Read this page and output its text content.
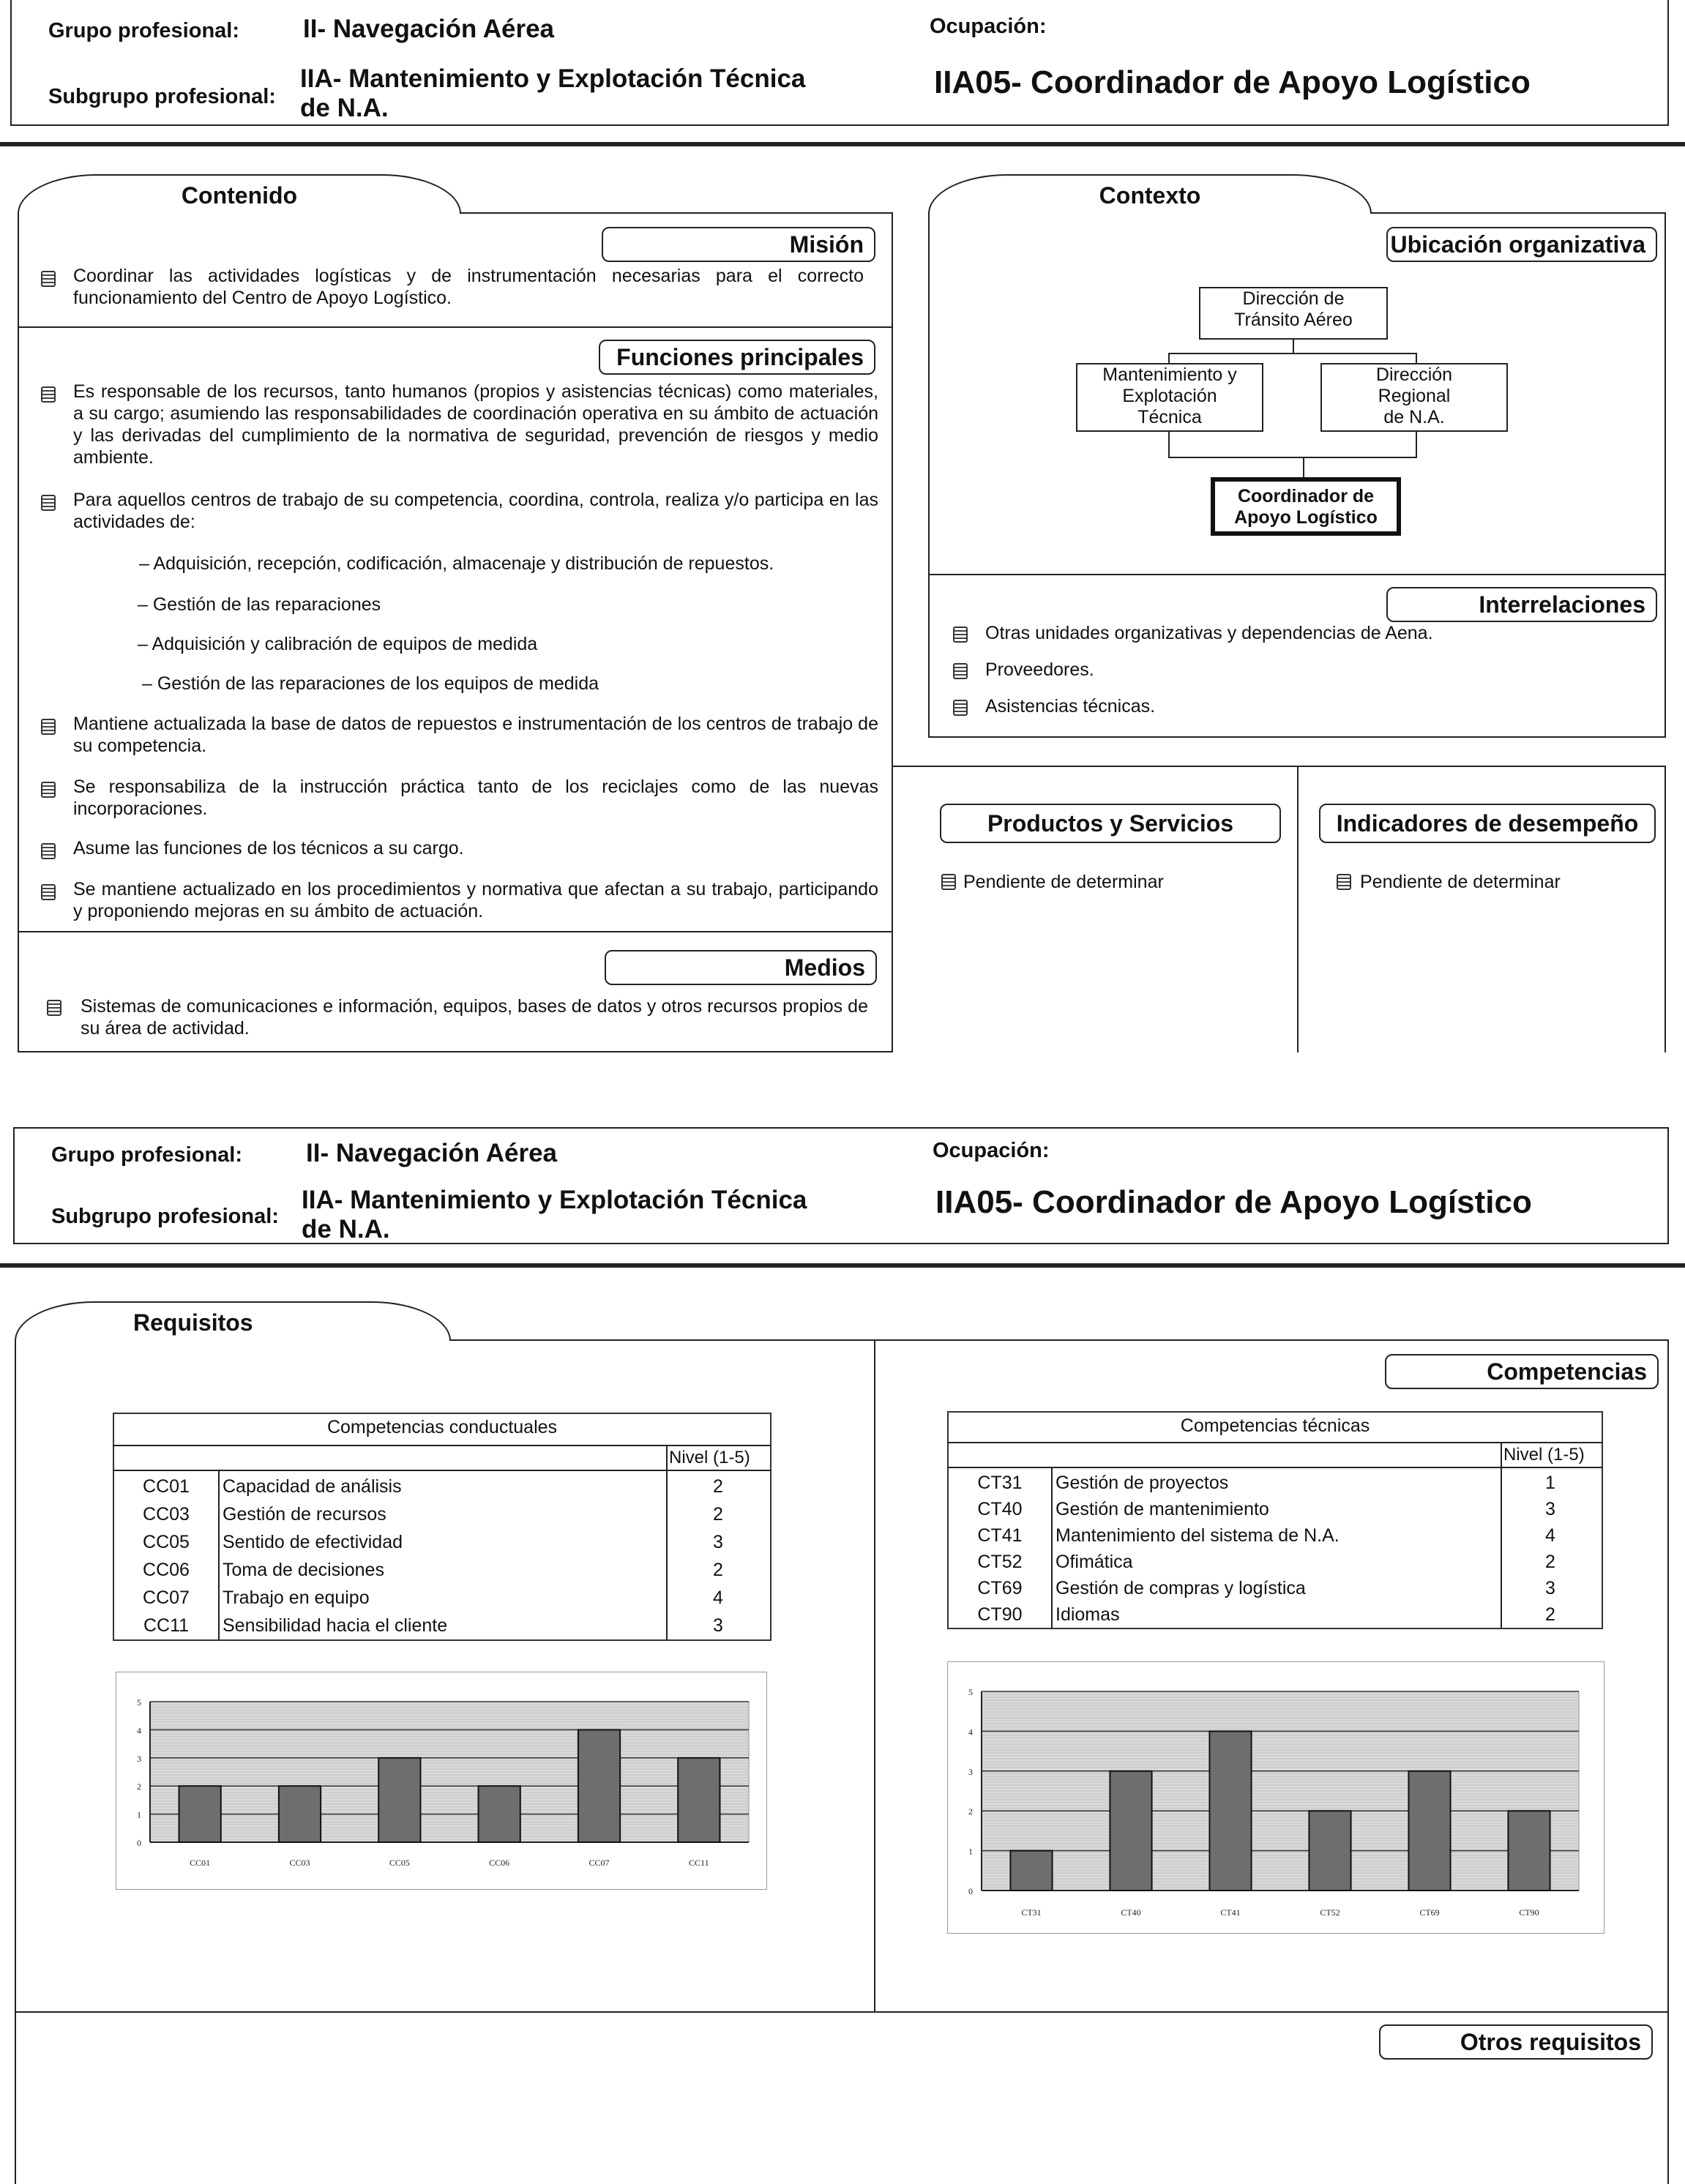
Grupo profesional: II- Navegación Aérea
Subgrupo profesional:
IIA- Mantenimiento y Explotación Técnica
de N.A.
Ocupación:
IIA05- Coordinador de Apoyo Logístico
Contenido
Misión
Coordinar las actividades logísticas y de instrumentación necesarias para el correcto funcionamiento del Centro de Apoyo Logístico.
Funciones principales
Es responsable de los recursos, tanto humanos (propios y asistencias técnicas) como materiales, a su cargo; asumiendo las responsabilidades de coordinación operativa en su ámbito de actuación y las derivadas del cumplimiento de la normativa de seguridad, prevención de riesgos y medio ambiente.
Para aquellos centros de trabajo de su competencia, coordina, controla, realiza y/o participa en las actividades de:
– Adquisición, recepción, codificación, almacenaje y distribución de repuestos.
– Gestión de las reparaciones
– Adquisición y calibración de equipos de medida
– Gestión de las reparaciones de los equipos de medida
Mantiene actualizada la base de datos de repuestos e instrumentación de los centros de trabajo de su competencia.
Se responsabiliza de la instrucción práctica tanto de los reciclajes como de las nuevas incorporaciones.
Asume las funciones de los técnicos a su cargo.
Se mantiene actualizado en los procedimientos y normativa que afectan a su trabajo, participando y proponiendo mejoras en su ámbito de actuación.
Medios
Sistemas de comunicaciones e información, equipos, bases de datos y otros recursos propios de su área de actividad.
Contexto
Ubicación organizativa
Dirección de
Tránsito Aéreo
Mantenimiento y
Explotación
Técnica
Dirección
Regional
de N.A.
Coordinador de
Apoyo Logístico
Interrelaciones
Otras unidades organizativas y dependencias de Aena.
Proveedores.
Asistencias técnicas.
Productos y Servicios
Pendiente de determinar
Indicadores de desempeño
Pendiente de determinar
Grupo profesional: II- Navegación Aérea
Subgrupo profesional:
IIA- Mantenimiento y Explotación Técnica
de N.A.
Ocupación:
IIA05- Coordinador de Apoyo Logístico
Requisitos
Competencias
Competencias conductuales
Nivel (1-5)
CC01	Capacidad de análisis	2
CC03	Gestión de recursos	2
CC05	Sentido de efectividad	3
CC06	Toma de decisiones	2
CC07	Trabajo en equipo	4
CC11	Sensibilidad hacia el cliente	3
Competencias técnicas
Nivel (1-5)
CT31	Gestión de proyectos	1
CT40	Gestión de mantenimiento	3
CT41	Mantenimiento del sistema de N.A.	4
CT52	Ofimática	2
CT69	Gestión de compras y logística	3
CT90	Idiomas	2
0
1
2
3
4
5
CC01	CC03	CC05	CC06	CC07	CC11
0
1
2
3
4
5
CT31	CT40	CT41	CT52	CT69	CT90
Otros requisitos
